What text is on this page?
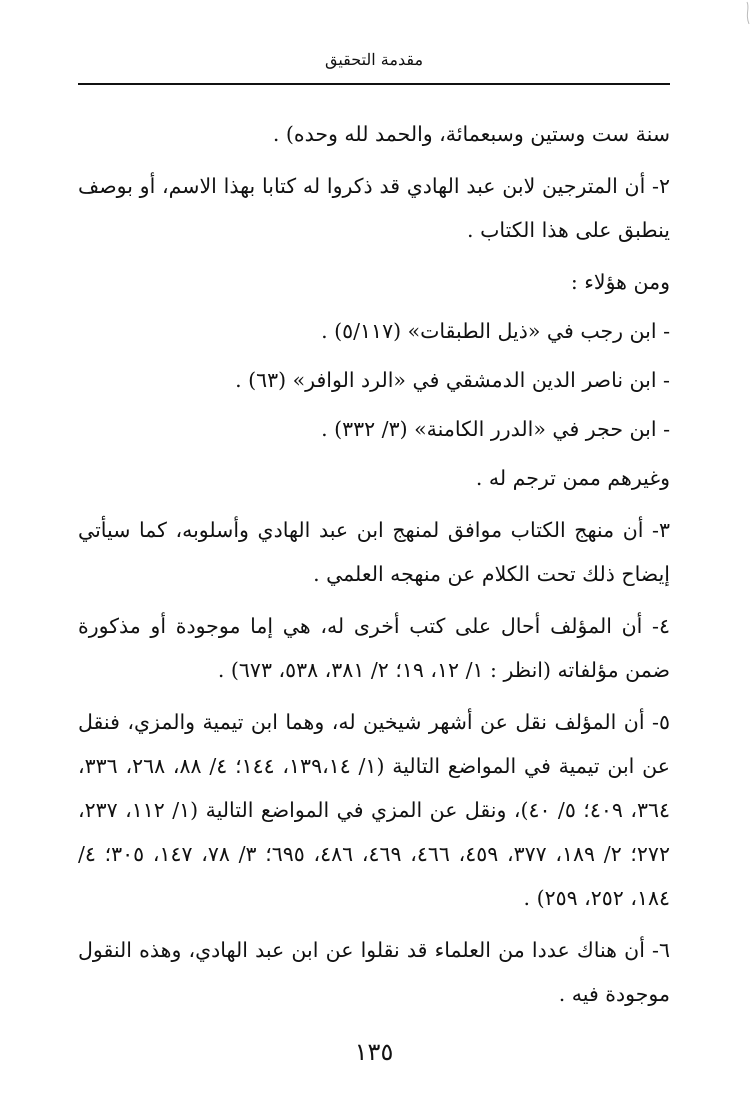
مقدمة التحقيق

سنة ست وستين وسبعمائة، والحمد لله وحده) .

٢- أن المترجين لابن عبد الهادي قد ذكروا له كتابا بهذا الاسم، أو بوصف ينطبق على هذا الكتاب .

ومن هؤلاء :

- ابن رجب في «ذيل الطبقات» (٥/١١٧) .

- ابن ناصر الدين الدمشقي في «الرد الوافر» (٦٣) .

- ابن حجر في «الدرر الكامنة» (٣/ ٣٣٢) .

وغيرهم ممن ترجم له .

٣- أن منهج الكتاب موافق لمنهج ابن عبد الهادي وأسلوبه، كما سيأتي إيضاح ذلك تحت الكلام عن منهجه العلمي .

٤- أن المؤلف أحال على كتب أخرى له، هي إما موجودة أو مذكورة ضمن مؤلفاته (انظر : ١/ ١٢، ١٩؛ ٢/ ٣٨١، ٥٣٨، ٦٧٣) .

٥- أن المؤلف نقل عن أشهر شيخين له، وهما ابن تيمية والمزي، فنقل عن ابن تيمية في المواضع التالية (١/ ١٣٩،١٤، ١٤٤؛ ٤/ ٨٨، ٢٦٨، ٣٣٦، ٣٦٤، ٤٠٩؛ ٥/ ٤٠)، ونقل عن المزي في المواضع التالية (١/ ١١٢، ٢٣٧، ٢٧٢؛ ٢/ ١٨٩، ٣٧٧، ٤٥٩، ٤٦٦، ٤٦٩، ٤٨٦، ٦٩٥؛ ٣/ ٧٨، ١٤٧، ٣٠٥؛ ٤/ ١٨٤، ٢٥٢، ٢٥٩) .

٦- أن هناك عددا من العلماء قد نقلوا عن ابن عبد الهادي، وهذه النقول موجودة فيه .

١٣٥
